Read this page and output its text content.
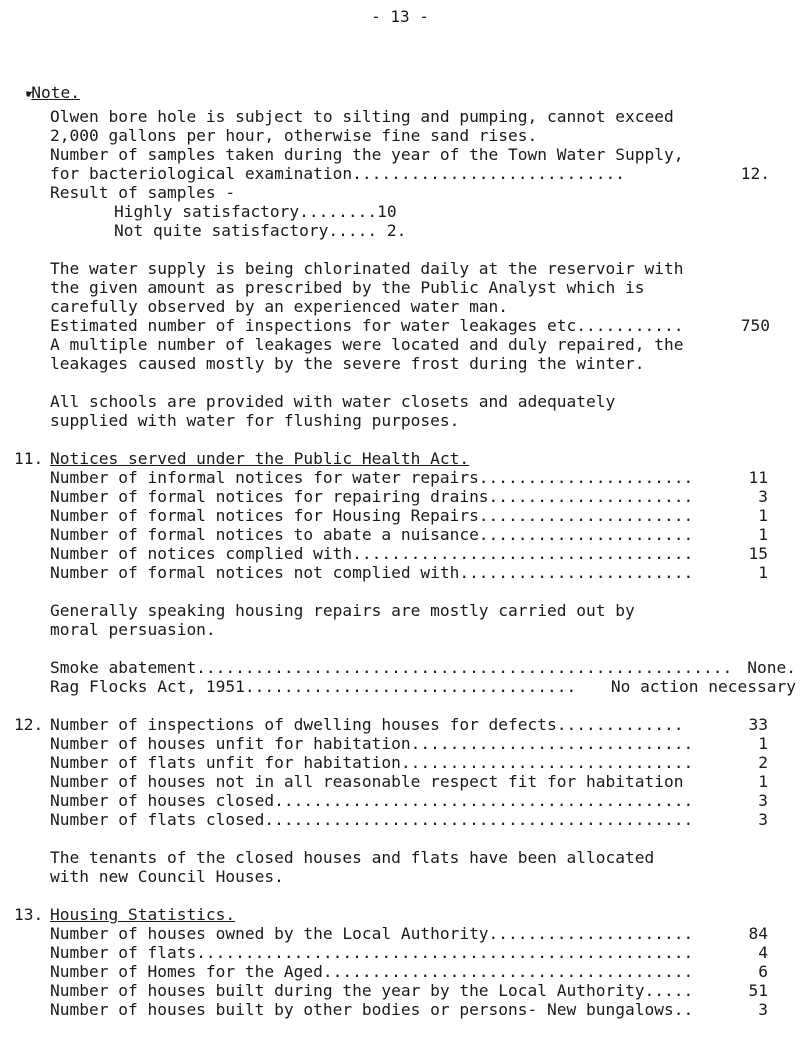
- 13 -
☛Note.
Olwen bore hole is subject to silting and pumping, cannot exceed
2,000 gallons per hour, otherwise fine sand rises.
Number of samples taken during the year of the Town Water Supply,
for bacteriological examination............................	12.
Result of samples -
Highly satisfactory........10
Not quite satisfactory..... 2.
The water supply is being chlorinated daily at the reservoir with
the given amount as prescribed by the Public Analyst which is
carefully observed by an experienced water man.
Estimated number of inspections for water leakages etc...........	750
A multiple number of leakages were located and duly repaired, the
leakages caused mostly by the severe frost during the winter.
All schools are provided with water closets and adequately
supplied with water for flushing purposes.
11. Notices served under the Public Health Act.
Number of informal notices for water repairs......................	11
Number of formal notices for repairing drains.....................	3
Number of formal notices for Housing Repairs......................	1
Number of formal notices to abate a nuisance......................	1
Number of notices complied with...................................	15
Number of formal notices not complied with........................	1
Generally speaking housing repairs are mostly carried out by
moral persuasion.
Smoke abatement....................................................... None.
Rag Flocks Act, 1951.................................. No action necessary
12. Number of inspections of dwelling houses for defects.............	33
Number of houses unfit for habitation.............................	1
Number of flats unfit for habitation..............................	2
Number of houses not in all reasonable respect fit for habitation	1
Number of houses closed...........................................	3
Number of flats closed............................................	3
The tenants of the closed houses and flats have been allocated
with new Council Houses.
13. Housing Statistics.
Number of houses owned by the Local Authority.....................	84
Number of flats...................................................	4
Number of Homes for the Aged......................................	6
Number of houses built during the year by the Local Authority.....	51
Number of houses built by other bodies or persons- New bungalows..	3
